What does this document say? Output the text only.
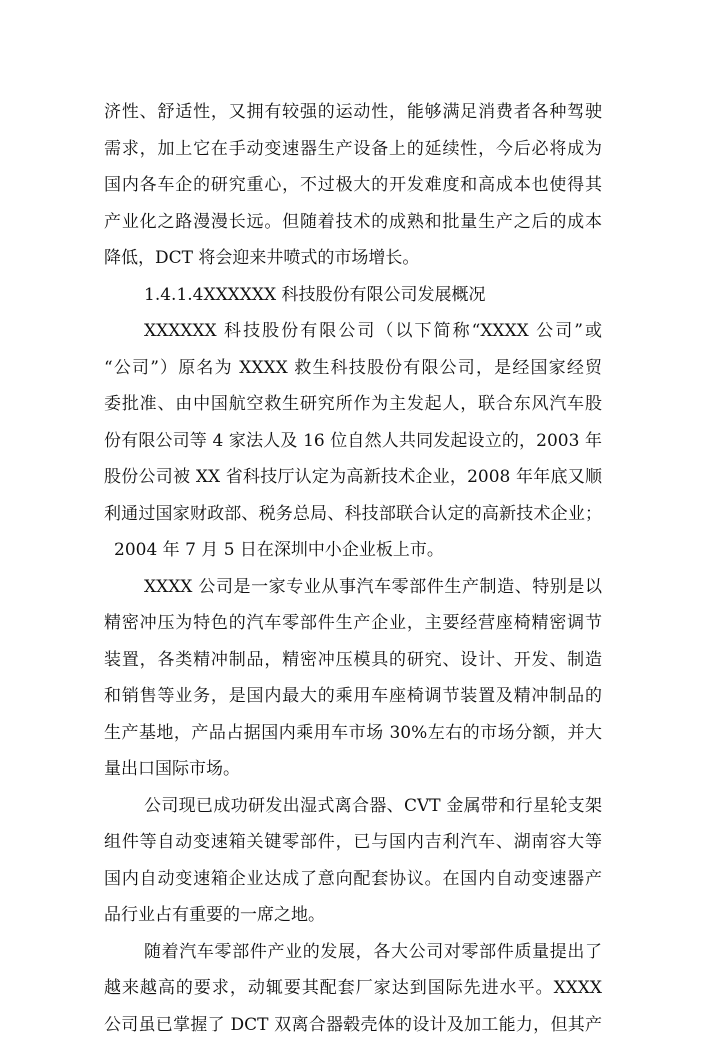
济性、舒适性，又拥有较强的运动性，能够满足消费者各种驾驶
需求，加上它在手动变速器生产设备上的延续性，今后必将成为
国内各车企的研究重心，不过极大的开发难度和高成本也使得其
产业化之路漫漫长远。但随着技术的成熟和批量生产之后的成本
降低，DCT 将会迎来井喷式的市场增长。
1.4.1.4XXXXXX 科技股份有限公司发展概况
XXXXXX 科技股份有限公司（以下简称“XXXX 公司”或
“公司”）原名为 XXXX 救生科技股份有限公司，是经国家经贸
委批准、由中国航空救生研究所作为主发起人，联合东风汽车股
份有限公司等 4 家法人及 16 位自然人共同发起设立的，2003 年
股份公司被 XX 省科技厅认定为高新技术企业，2008 年年底又顺
利通过国家财政部、税务总局、科技部联合认定的高新技术企业；
2004 年 7 月 5 日在深圳中小企业板上市。
XXXX 公司是一家专业从事汽车零部件生产制造、特别是以
精密冲压为特色的汽车零部件生产企业，主要经营座椅精密调节
装置，各类精冲制品，精密冲压模具的研究、设计、开发、制造
和销售等业务，是国内最大的乘用车座椅调节装置及精冲制品的
生产基地，产品占据国内乘用车市场 30%左右的市场分额，并大
量出口国际市场。
公司现已成功研发出湿式离合器、CVT 金属带和行星轮支架
组件等自动变速箱关键零部件，已与国内吉利汽车、湖南容大等
国内自动变速箱企业达成了意向配套协议。在国内自动变速器产
品行业占有重要的一席之地。
随着汽车零部件产业的发展，各大公司对零部件质量提出了
越来越高的要求，动辄要其配套厂家达到国际先进水平。XXXX
公司虽已掌握了 DCT 双离合器毂壳体的设计及加工能力，但其产
